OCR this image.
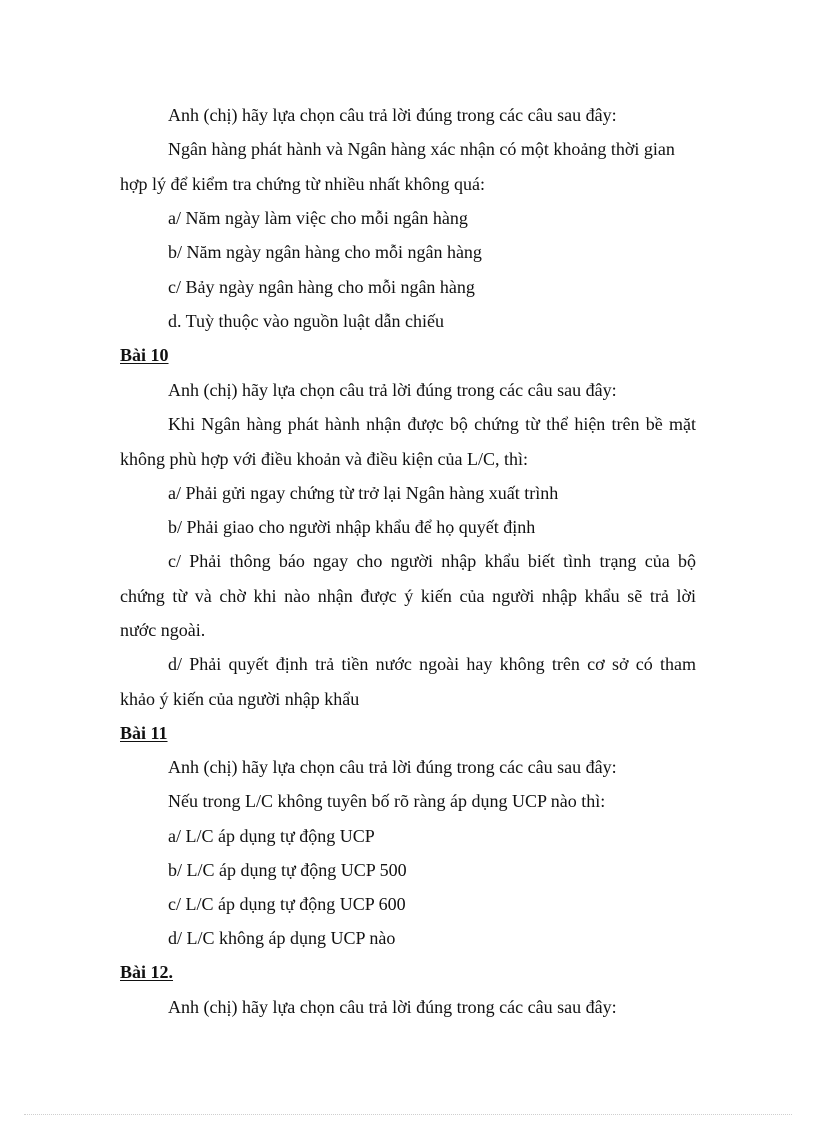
Anh (chị) hãy lựa chọn câu trả lời đúng trong các câu sau đây:

Ngân hàng phát hành và Ngân hàng xác nhận có một khoảng thời gian

hợp lý để kiểm tra chứng từ nhiều nhất không quá:

a/ Năm ngày làm việc cho mỗi ngân hàng

b/ Năm ngày ngân hàng cho mỗi ngân hàng

c/ Bảy ngày ngân hàng cho mỗi ngân hàng

d. Tuỳ thuộc vào nguồn luật dẫn chiếu

Bài 10

Anh (chị) hãy lựa chọn câu trả lời đúng trong các câu sau đây:

Khi Ngân hàng phát hành nhận được bộ chứng từ thể hiện trên bề mặt

không phù hợp với điều khoản và điều kiện của L/C, thì:

a/ Phải gửi ngay chứng từ trở lại Ngân hàng xuất trình

b/ Phải giao cho người nhập khẩu để họ quyết định

c/ Phải thông báo ngay cho người nhập khẩu biết tình trạng của bộ

chứng từ và chờ khi nào nhận được ý kiến của người nhập khẩu sẽ trả lời

nước ngoài.

d/ Phải quyết định trả tiền nước ngoài hay không trên cơ sở có tham

khảo ý kiến của người nhập khẩu

Bài 11

Anh (chị) hãy lựa chọn câu trả lời đúng trong các câu sau đây:

Nếu trong L/C không tuyên bố rõ ràng áp dụng UCP nào thì:

a/ L/C áp dụng tự động UCP

b/ L/C áp dụng tự động UCP 500

c/ L/C áp dụng tự động UCP 600

d/ L/C không áp dụng UCP nào

Bài 12.

Anh (chị) hãy lựa chọn câu trả lời đúng trong các câu sau đây:
